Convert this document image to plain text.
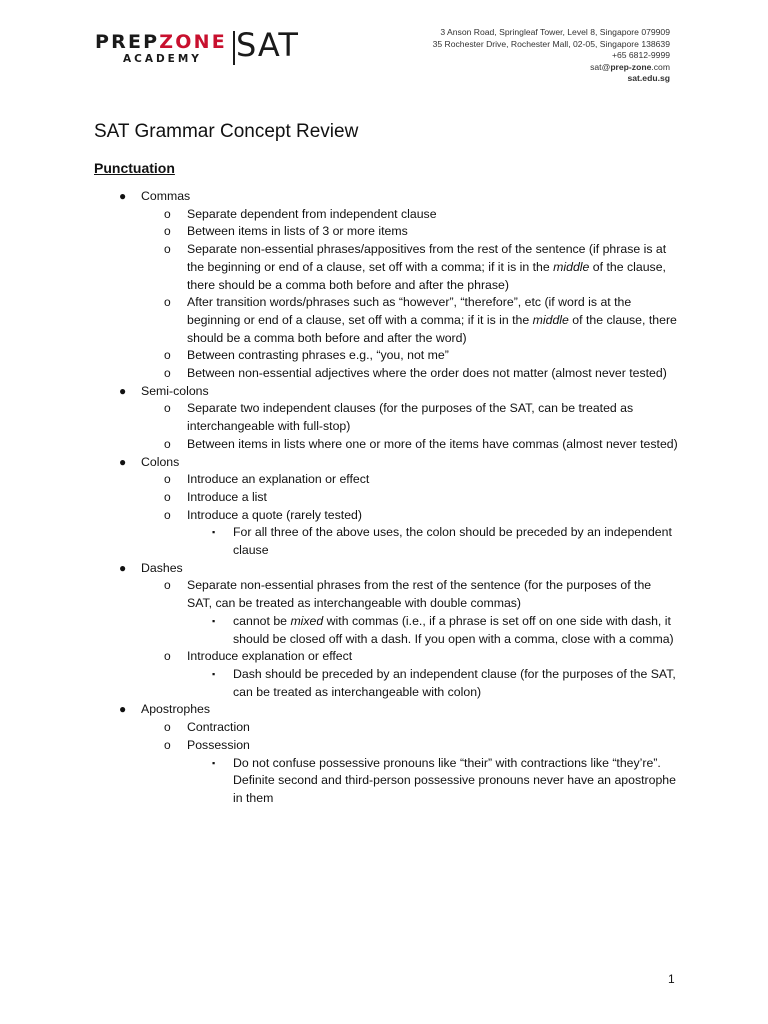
PREPZONE
ACADEMY SAT	3 Anson Road, Springleaf Tower, Level 8, Singapore 079909
35 Rochester Drive, Rochester Mall, 02-05, Singapore 138639
+65 6812-9999
sat@prep-zone.com
sat.edu.sg
SAT Grammar Concept Review
Punctuation
● Commas
o Separate dependent from independent clause
o Between items in lists of 3 or more items
o Separate non-essential phrases/appositives from the rest of the sentence (if phrase is at the beginning or end of a clause, set off with a comma; if it is in the middle of the clause, there should be a comma both before and after the phrase)
o After transition words/phrases such as “however”, “therefore”, etc (if word is at the beginning or end of a clause, set off with a comma; if it is in the middle of the clause, there should be a comma both before and after the word)
o Between contrasting phrases e.g., “you, not me”
o Between non-essential adjectives where the order does not matter (almost never tested)
● Semi-colons
o Separate two independent clauses (for the purposes of the SAT, can be treated as interchangeable with full-stop)
o Between items in lists where one or more of the items have commas (almost never tested)
● Colons
o Introduce an explanation or effect
o Introduce a list
o Introduce a quote (rarely tested)
▪ For all three of the above uses, the colon should be preceded by an independent clause
● Dashes
o Separate non-essential phrases from the rest of the sentence (for the purposes of the SAT, can be treated as interchangeable with double commas)
▪ cannot be mixed with commas (i.e., if a phrase is set off on one side with dash, it should be closed off with a dash. If you open with a comma, close with a comma)
o Introduce explanation or effect
▪ Dash should be preceded by an independent clause (for the purposes of the SAT, can be treated as interchangeable with colon)
● Apostrophes
o Contraction
o Possession
▪ Do not confuse possessive pronouns like “their” with contractions like “they’re”. Definite second and third-person possessive pronouns never have an apostrophe in them
1
